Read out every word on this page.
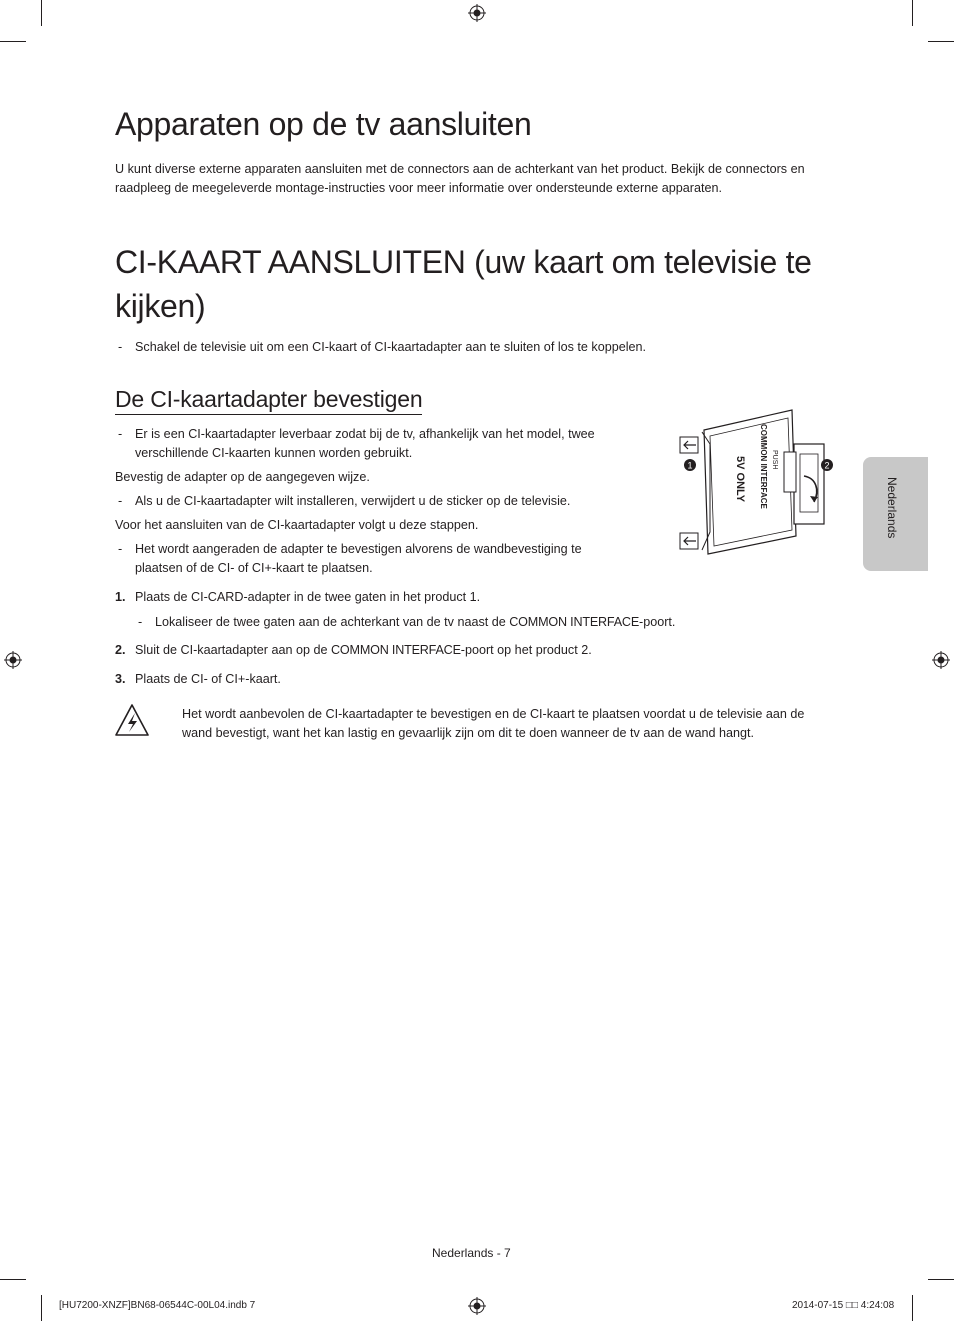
Apparaten op de tv aansluiten

U kunt diverse externe apparaten aansluiten met de connectors aan de achterkant van het product. Bekijk de connectors en raadpleeg de meegeleverde montage-instructies voor meer informatie over ondersteunde externe apparaten.

CI-KAART AANSLUITEN (uw kaart om televisie te kijken)
- Schakel de televisie uit om een CI-kaart of CI-kaartadapter aan te sluiten of los te koppelen.

De CI-kaartadapter bevestigen
- Er is een CI-kaartadapter leverbaar zodat bij de tv, afhankelijk van het model, twee verschillende CI-kaarten kunnen worden gebruikt.

Bevestig de adapter op de aangegeven wijze.

- Als u de CI-kaartadapter wilt installeren, verwijdert u de sticker op de televisie.

Voor het aansluiten van de CI-kaartadapter volgt u deze stappen.

- Het wordt aangeraden de adapter te bevestigen alvorens de wandbevestiging te plaatsen of de CI- of CI+-kaart te plaatsen.

1. Plaats de CI-CARD-adapter in de twee gaten in het product 1.

- Lokaliseer de twee gaten aan de achterkant van de tv naast de COMMON INTERFACE-poort.

2. Sluit de CI-kaartadapter aan op de COMMON INTERFACE-poort op het product 2.

3. Plaats de CI- of CI+-kaart.

Het wordt aanbevolen de CI-kaartadapter te bevestigen en de CI-kaart te plaatsen voordat u de televisie aan de wand bevestigt, want het kan lastig en gevaarlijk zijn om dit te doen wanneer de tv aan de wand hangt.

1	2
COMMON INTERFACE PUSH
5V ONLY	Nederlands
Nederlands - 7
[HU7200-XNZF]BN68-06544C-00L04.indb 7	2014-07-15 □□ 4:24:08
